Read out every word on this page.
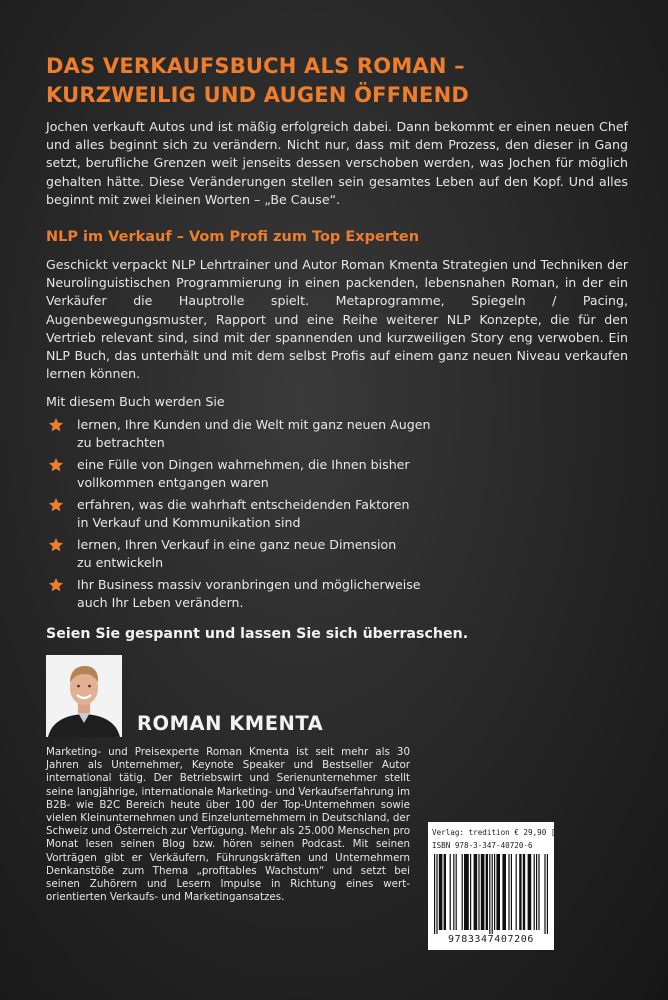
DAS VERKAUFSBUCH ALS ROMAN –
KURZWEILIG UND AUGEN ÖFFNEND

Jochen verkauft Autos und ist mäßig erfolgreich dabei. Dann bekommt er einen neuen Chef und alles beginnt sich zu verändern. Nicht nur, dass mit dem Prozess, den dieser in Gang setzt, berufliche Grenzen weit jenseits dessen verschoben werden, was Jochen für möglich gehalten hätte. Diese Veränderungen stellen sein gesamtes Leben auf den Kopf. Und alles beginnt mit zwei kleinen Worten – „Be Cause“.

NLP im Verkauf – Vom Profi zum Top Experten

Geschickt verpackt NLP Lehrtrainer und Autor Roman Kmenta Strategien und Techniken der Neurolinguistischen Programmierung in einen packenden, lebensnahen Roman, in der ein Verkäufer die Hauptrolle spielt. Metaprogramme, Spiegeln / Pacing, Augenbewegungsmuster, Rapport und eine Reihe weiterer NLP Konzepte, die für den Vertrieb relevant sind, sind mit der spannenden und kurzweiligen Story eng verwoben. Ein NLP Buch, das unterhält und mit dem selbst Profis auf einem ganz neuen Niveau verkaufen lernen können.

Mit diesem Buch werden Sie

lernen, Ihre Kunden und die Welt mit ganz neuen Augen
zu betrachten
eine Fülle von Dingen wahrnehmen, die Ihnen bisher
vollkommen entgangen waren
erfahren, was die wahrhaft entscheidenden Faktoren
in Verkauf und Kommunikation sind
lernen, Ihren Verkauf in eine ganz neue Dimension
zu entwickeln
Ihr Business massiv voranbringen und möglicherweise
auch Ihr Leben verändern.

Seien Sie gespannt und lassen Sie sich überraschen.

ROMAN KMENTA

Marketing- und Preisexperte Roman Kmenta ist seit mehr als 30 Jahren als Unternehmer, Keynote Speaker und Bestseller Autor international tätig. Der Betriebswirt und Serienunternehmer stellt seine langjährige, internationale Marketing- und Verkaufserfahrung im B2B- wie B2C Bereich heute über 100 der Top-Unternehmen sowie vielen Kleinunternehmen und Einzelunternehmern in Deutschland, der Schweiz und Österreich zur Verfügung. Mehr als 25.000 Menschen pro Monat lesen seinen Blog bzw. hören seinen Podcast. Mit seinen Vorträgen gibt er Verkäufern, Führungskräften und Unternehmern Denkanstöße zum Thema „profitables Wachstum“ und setzt bei seinen Zuhörern und Lesern Impulse in Richtung eines wert-orientierten Verkaufs- und Marketingansatzes.

Verlag: tredition € 29,90 [D]
ISBN 978-3-347-40720-6
9783347407206
